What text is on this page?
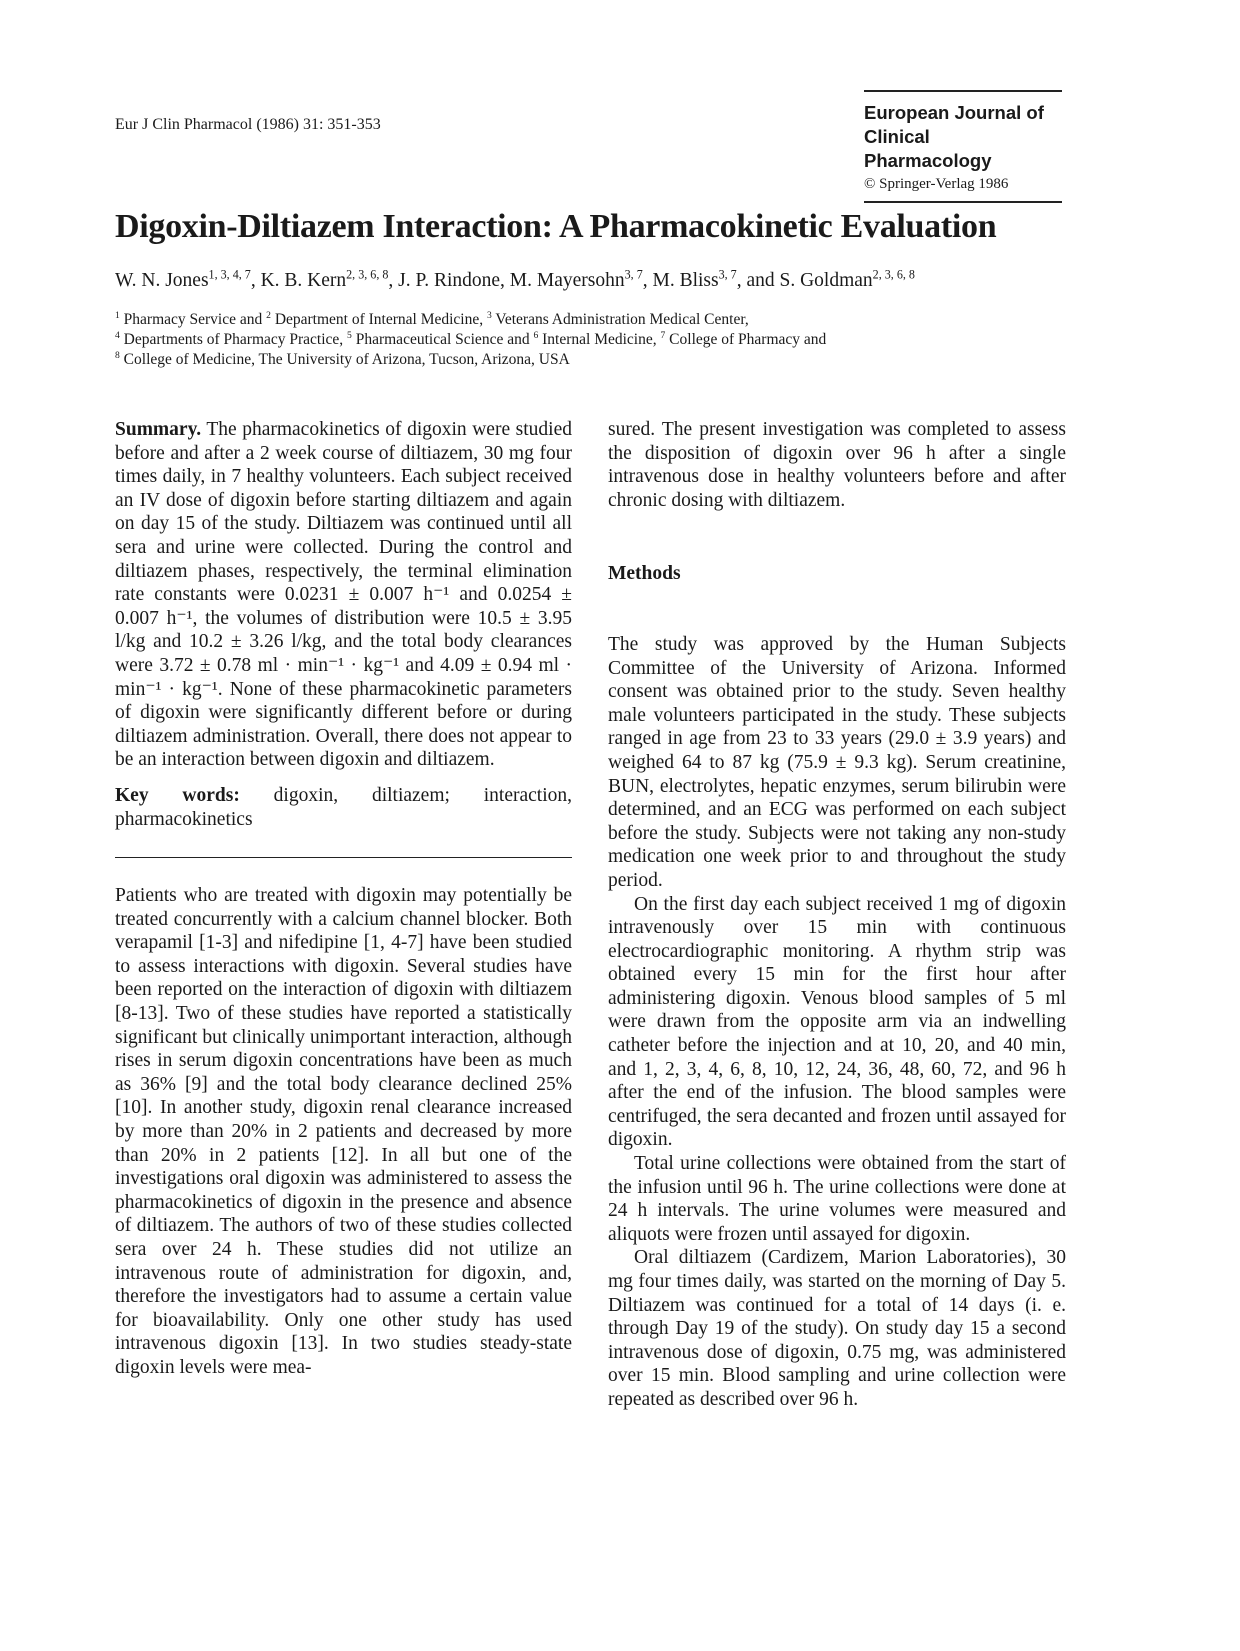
Eur J Clin Pharmacol (1986) 31: 351-353
European Journal of
Clinical Pharmacology
© Springer-Verlag 1986
Digoxin-Diltiazem Interaction: A Pharmacokinetic Evaluation
W. N. Jones$^{1, 3, 4, 7}$, K. B. Kern$^{2, 3, 6, 8}$, J. P. Rindone, M. Mayersohn$^{3, 7}$, M. Bliss$^{3, 7}$, and S. Goldman$^{2, 3, 6, 8}$
$^1$ Pharmacy Service and $^2$ Department of Internal Medicine, $^3$ Veterans Administration Medical Center,
$^4$ Departments of Pharmacy Practice, $^5$ Pharmaceutical Science and $^6$ Internal Medicine, $^7$ College of Pharmacy and
$^8$ College of Medicine, The University of Arizona, Tucson, Arizona, USA

Summary. The pharmacokinetics of digoxin were studied before and after a 2 week course of diltiazem, 30 mg four times daily, in 7 healthy volunteers. Each subject received an IV dose of digoxin before starting diltiazem and again on day 15 of the study. Diltiazem was continued until all sera and urine were collected. During the control and diltiazem phases, respectively, the terminal elimination rate constants were 0.0231 ± 0.007 h⁻¹ and 0.0254 ± 0.007 h⁻¹, the volumes of distribution were 10.5 ± 3.95 l/kg and 10.2 ± 3.26 l/kg, and the total body clearances were 3.72 ± 0.78 ml · min⁻¹ · kg⁻¹ and 4.09 ± 0.94 ml · min⁻¹ · kg⁻¹. None of these pharmacokinetic parameters of digoxin were significantly different before or during diltiazem administration. Overall, there does not appear to be an interaction between digoxin and diltiazem.

Key words: digoxin, diltiazem; interaction, pharmacokinetics

Patients who are treated with digoxin may potentially be treated concurrently with a calcium channel blocker. Both verapamil [1-3] and nifedipine [1, 4-7] have been studied to assess interactions with digoxin. Several studies have been reported on the interaction of digoxin with diltiazem [8-13]. Two of these studies have reported a statistically significant but clinically unimportant interaction, although rises in serum digoxin concentrations have been as much as 36% [9] and the total body clearance declined 25% [10]. In another study, digoxin renal clearance increased by more than 20% in 2 patients and decreased by more than 20% in 2 patients [12]. In all but one of the investigations oral digoxin was administered to assess the pharmacokinetics of digoxin in the presence and absence of diltiazem. The authors of two of these studies collected sera over 24 h. These studies did not utilize an intravenous route of administration for digoxin, and, therefore the investigators had to assume a certain value for bioavailability. Only one other study has used intravenous digoxin [13]. In two studies steady-state digoxin levels were mea-

sured. The present investigation was completed to assess the disposition of digoxin over 96 h after a single intravenous dose in healthy volunteers before and after chronic dosing with diltiazem.

Methods

The study was approved by the Human Subjects Committee of the University of Arizona. Informed consent was obtained prior to the study. Seven healthy male volunteers participated in the study. These subjects ranged in age from 23 to 33 years (29.0 ± 3.9 years) and weighed 64 to 87 kg (75.9 ± 9.3 kg). Serum creatinine, BUN, electrolytes, hepatic enzymes, serum bilirubin were determined, and an ECG was performed on each subject before the study. Subjects were not taking any non-study medication one week prior to and throughout the study period.

On the first day each subject received 1 mg of digoxin intravenously over 15 min with continuous electrocardiographic monitoring. A rhythm strip was obtained every 15 min for the first hour after administering digoxin. Venous blood samples of 5 ml were drawn from the opposite arm via an indwelling catheter before the injection and at 10, 20, and 40 min, and 1, 2, 3, 4, 6, 8, 10, 12, 24, 36, 48, 60, 72, and 96 h after the end of the infusion. The blood samples were centrifuged, the sera decanted and frozen until assayed for digoxin.

Total urine collections were obtained from the start of the infusion until 96 h. The urine collections were done at 24 h intervals. The urine volumes were measured and aliquots were frozen until assayed for digoxin.

Oral diltiazem (Cardizem, Marion Laboratories), 30 mg four times daily, was started on the morning of Day 5. Diltiazem was continued for a total of 14 days (i. e. through Day 19 of the study). On study day 15 a second intravenous dose of digoxin, 0.75 mg, was administered over 15 min. Blood sampling and urine collection were repeated as described over 96 h.
